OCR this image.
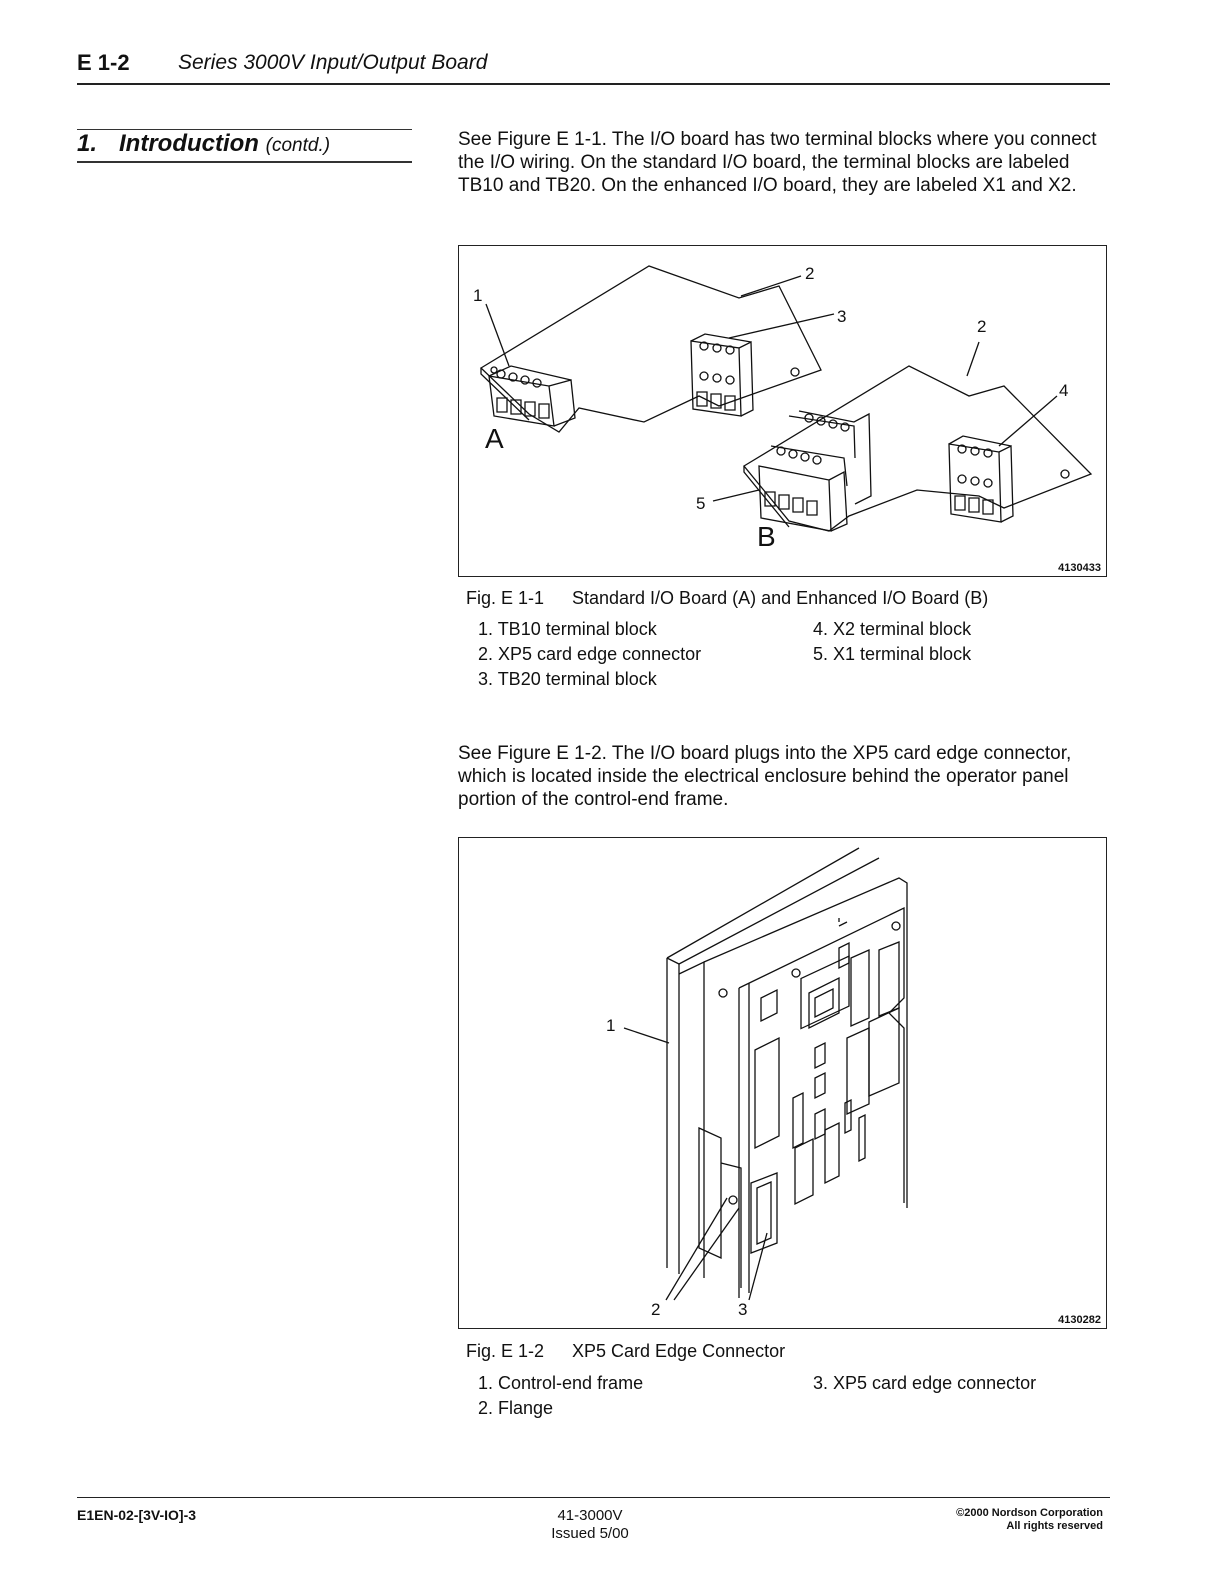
E 1-2 Series 3000V Input/Output Board
1. Introduction (contd.)	See Figure E 1-1. The I/O board has two terminal blocks where you connect the I/O wiring. On the standard I/O board, the terminal blocks are labeled TB10 and TB20. On the enhanced I/O board, they are labeled X1 and X2.
1
2
3
2
4
5
A
B
4130433
Fig. E 1-1 Standard I/O Board (A) and Enhanced I/O Board (B)
1. TB10 terminal block
2. XP5 card edge connector
3. TB20 terminal block
4. X2 terminal block
5. X1 terminal block
See Figure E 1-2. The I/O board plugs into the XP5 card edge connector, which is located inside the electrical enclosure behind the operator panel portion of the control-end frame.
1
2	3
4130282
Fig. E 1-2 XP5 Card Edge Connector
1. Control-end frame
2. Flange
3. XP5 card edge connector
E1EN-02-[3V-IO]-3	41-3000V
Issued 5/00
©2000 Nordson Corporation
All rights reserved
